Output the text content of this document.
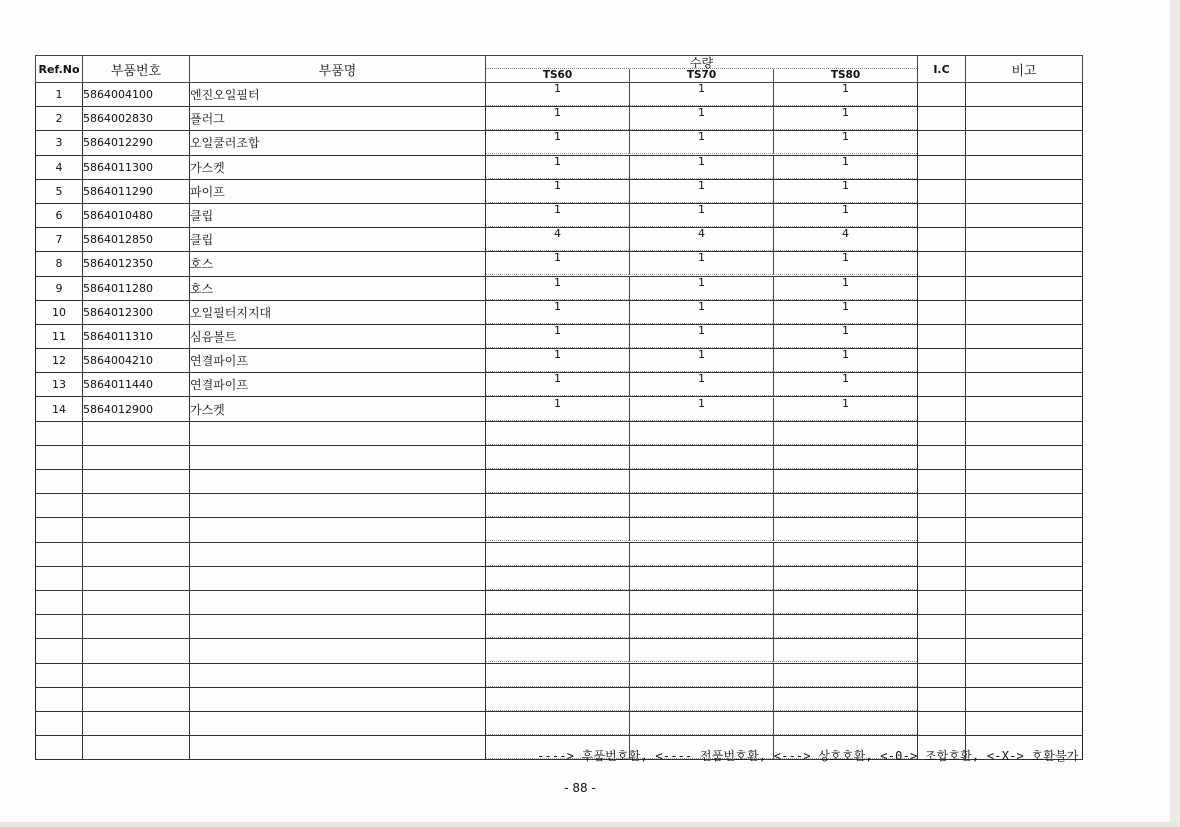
Ref.No	부품번호	부품명	수량
TS60 TS70 TS80	I.C	비고
1	5864004100	엔진오일필터	1 1 1		

2	5864002830	플러그	1 1 1		

3	5864012290	오일쿨러조합	1 1 1		

4	5864011300	가스켓	1 1 1		

5	5864011290	파이프	1 1 1		

6	5864010480	클립	1 1 1		

7	5864012850	클립	4 4 4		

8	5864012350	호스	1 1 1		

9	5864011280	호스	1 1 1		

10	5864012300	오일필터지지대	1 1 1		

11	5864011310	심음볼트	1 1 1		

12	5864004210	연결파이프	1 1 1		

13	5864011440	연결파이프	1 1 1		

14	5864012900	가스켓	1 1 1		

----> 후품번호환, <---- 전품번호환, <---> 상호호환, <-0-> 조합호환, <-X-> 호환불가
- 88 -
